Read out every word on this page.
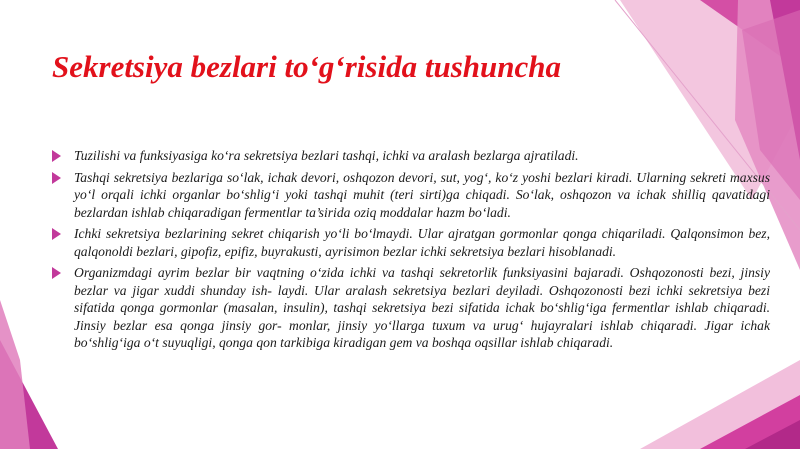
Sekretsiya bezlari to‘g‘risida tushuncha
Tuzilishi va funksiyasiga ko‘ra sekretsiya bezlari tashqi, ichki va aralash bezlarga ajratiladi.
Tashqi sekretsiya bezlariga so‘lak, ichak devori, oshqozon devori, sut, yog‘, ko‘z yoshi bezlari kiradi. Ularning sekreti maxsus yo‘l orqali ichki organlar bo‘shlig‘i yoki tashqi muhit (teri sirti)ga chiqadi. So‘lak, oshqozon va ichak shilliq qavatidagi bezlardan ishlab chiqaradigan fermentlar ta’sirida oziq moddalar hazm bo‘ladi.
Ichki sekretsiya bezlarining sekret chiqarish yo‘li bo‘lmaydi. Ular ajratgan gormonlar qonga chiqariladi. Qalqonsimon bez, qalqonoldi bezlari, gipofiz, epifiz, buyrakusti, ayrisimon bezlar ichki sekretsiya bezlari hisoblanadi.
Organizmdagi ayrim bezlar bir vaqtning o‘zida ichki va tashqi sekretorlik funksiyasini bajaradi. Oshqozonosti bezi, jinsiy bezlar va jigar xuddi shunday ish- laydi. Ular aralash sekretsiya bezlari deyiladi. Oshqozonosti bezi ichki sekretsiya bezi sifatida qonga gormonlar (masalan, insulin), tashqi sekretsiya bezi sifatida ichak bo‘shlig‘iga fermentlar ishlab chiqaradi. Jinsiy bezlar esa qonga jinsiy gor- monlar, jinsiy yo‘llarga tuxum va urug‘ hujayralari ishlab chiqaradi. Jigar ichak bo‘shlig‘iga o‘t suyuqligi, qonga qon tarkibiga kiradigan gem va boshqa oqsillar ishlab chiqaradi.
